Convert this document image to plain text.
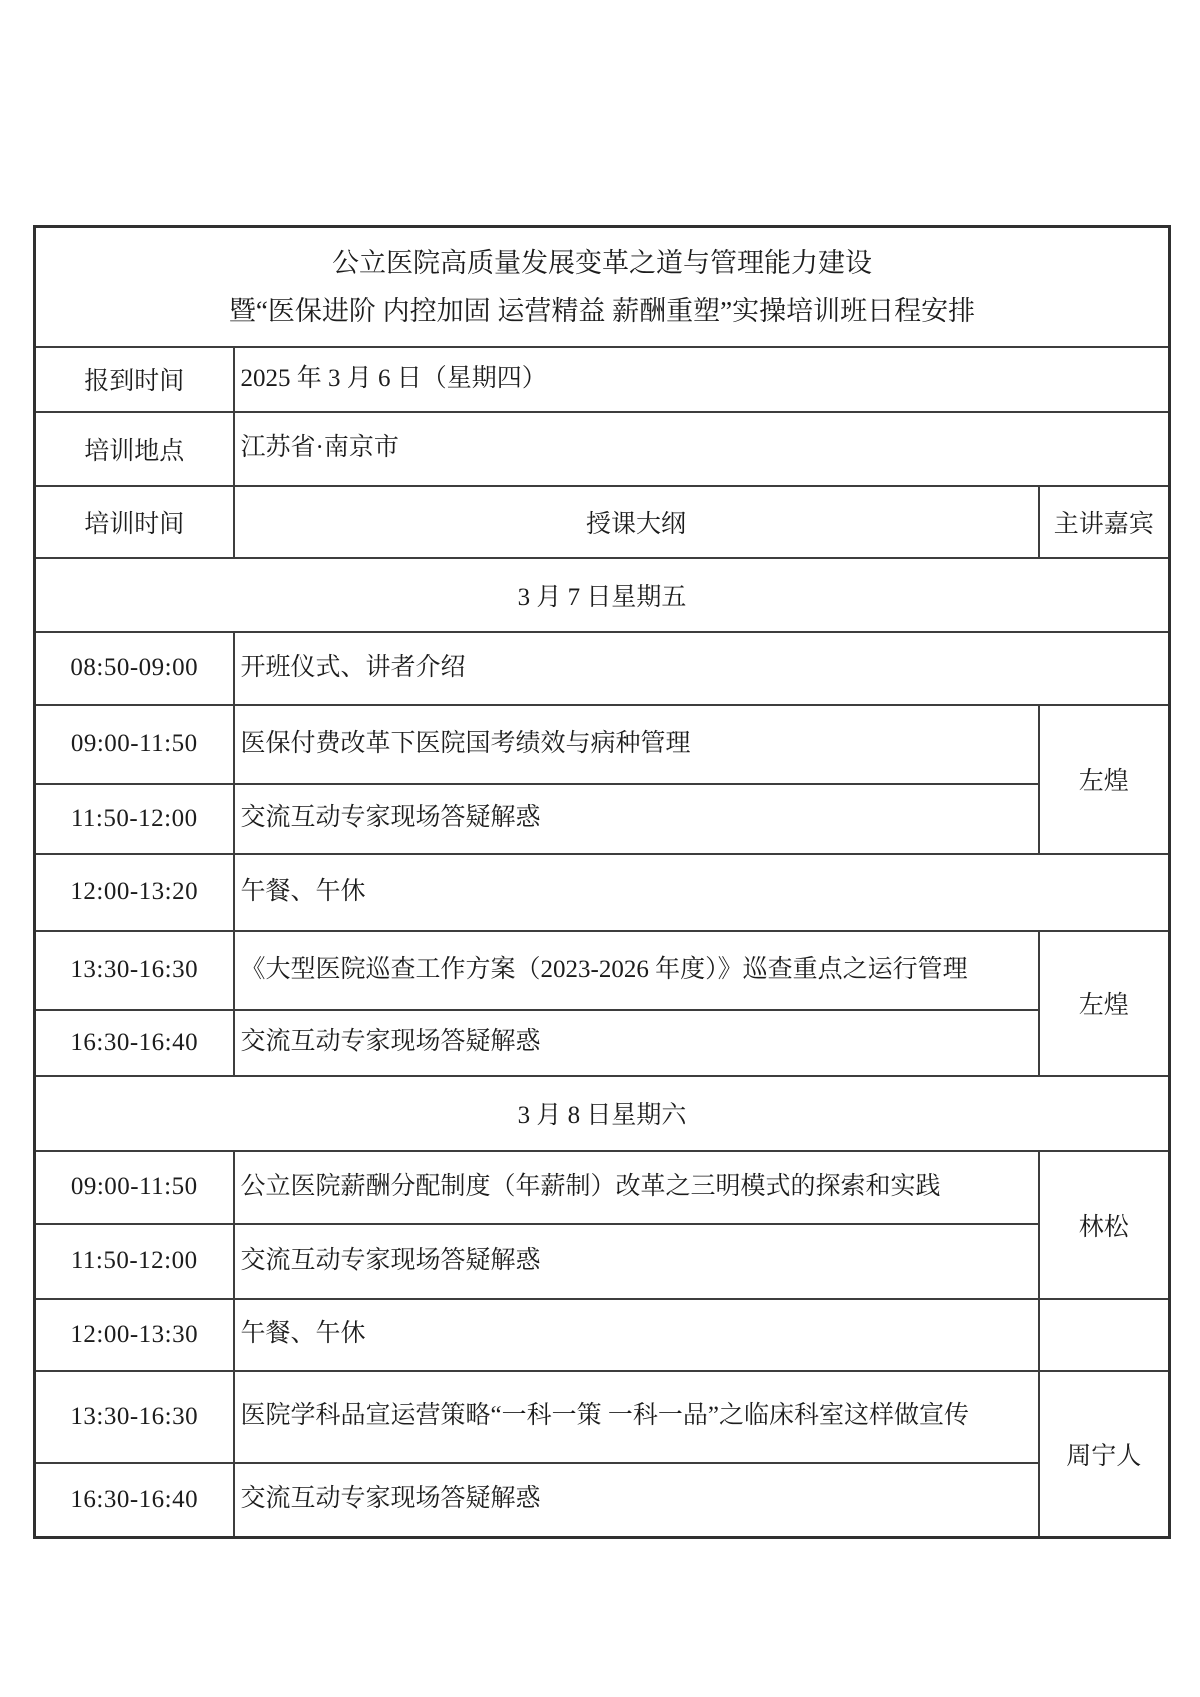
公立医院高质量发展变革之道与管理能力建设
暨“医保进阶 内控加固 运营精益 薪酬重塑”实操培训班日程安排		

报到时间	2025 年 3 月 6 日（星期四）	
培训地点	江苏省·南京市	
培训时间	授课大纲	主讲嘉宾
3 月 7 日星期五		
08:50-09:00	开班仪式、讲者介绍	
09:00-11:50	医保付费改革下医院国考绩效与病种管理	左煌
11:50-12:00	交流互动专家现场答疑解惑	
12:00-13:20	午餐、午休	
13:30-16:30	《大型医院巡查工作方案（2023-2026 年度）》巡查重点之运行管理	左煌
16:30-16:40	交流互动专家现场答疑解惑	
3 月 8 日星期六		
09:00-11:50	公立医院薪酬分配制度（年薪制）改革之三明模式的探索和实践	林松
11:50-12:00	交流互动专家现场答疑解惑	
12:00-13:30	午餐、午休	
13:30-16:30	医院学科品宣运营策略“一科一策 一科一品”之临床科室这样做宣传	周宁人
16:30-16:40	交流互动专家现场答疑解惑	
